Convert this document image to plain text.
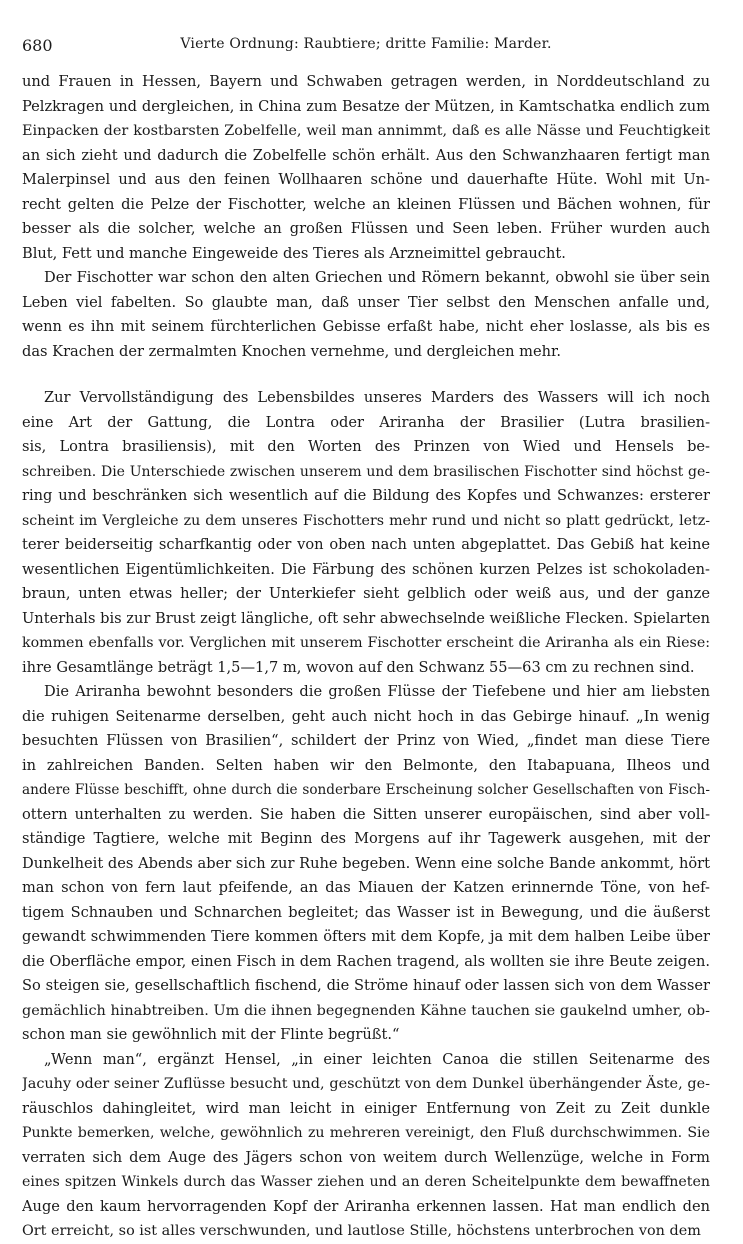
680	Vierte Ordnung: Raubtiere; dritte Familie: Marder.
und Frauen in Hessen, Bayern und Schwaben getragen werden, in Norddeutschland zu
Pelzkragen und dergleichen, in China zum Besatze der Mützen, in Kamtschatka endlich zum
Einpacken der kostbarsten Zobelfelle, weil man annimmt, daß es alle Nässe und Feuchtigkeit
an sich zieht und dadurch die Zobelfelle schön erhält. Aus den Schwanzhaaren fertigt man
Malerpinsel und aus den feinen Wollhaaren schöne und dauerhafte Hüte. Wohl mit Un-
recht gelten die Pelze der Fischotter, welche an kleinen Flüssen und Bächen wohnen, für
besser als die solcher, welche an großen Flüssen und Seen leben. Früher wurden auch
Blut, Fett und manche Eingeweide des Tieres als Arzneimittel gebraucht.
Der Fischotter war schon den alten Griechen und Römern bekannt, obwohl sie über sein
Leben viel fabelten. So glaubte man, daß unser Tier selbst den Menschen anfalle und,
wenn es ihn mit seinem fürchterlichen Gebisse erfaßt habe, nicht eher loslasse, als bis es
das Krachen der zermalmten Knochen vernehme, und dergleichen mehr.
Zur Vervollständigung des Lebensbildes unseres Marders des Wassers will ich noch
eine Art der Gattung, die Lontra oder Ariranha der Brasilier (Lutra brasilien-
sis, Lontra brasiliensis), mit den Worten des Prinzen von Wied und Hensels be-
schreiben. Die Unterschiede zwischen unserem und dem brasilischen Fischotter sind höchst ge-
ring und beschränken sich wesentlich auf die Bildung des Kopfes und Schwanzes: ersterer
scheint im Vergleiche zu dem unseres Fischotters mehr rund und nicht so platt gedrückt, letz-
terer beiderseitig scharfkantig oder von oben nach unten abgeplattet. Das Gebiß hat keine
wesentlichen Eigentümlichkeiten. Die Färbung des schönen kurzen Pelzes ist schokoladen-
braun, unten etwas heller; der Unterkiefer sieht gelblich oder weiß aus, und der ganze
Unterhals bis zur Brust zeigt längliche, oft sehr abwechselnde weißliche Flecken. Spielarten
kommen ebenfalls vor. Verglichen mit unserem Fischotter erscheint die Ariranha als ein Riese:
ihre Gesamtlänge beträgt 1,5—1,7 m, wovon auf den Schwanz 55—63 cm zu rechnen sind.
Die Ariranha bewohnt besonders die großen Flüsse der Tiefebene und hier am liebsten
die ruhigen Seitenarme derselben, geht auch nicht hoch in das Gebirge hinauf. „In wenig
besuchten Flüssen von Brasilien“, schildert der Prinz von Wied, „findet man diese Tiere
in zahlreichen Banden. Selten haben wir den Belmonte, den Itabapuana, Ilheos und
andere Flüsse beschifft, ohne durch die sonderbare Erscheinung solcher Gesellschaften von Fisch-
ottern unterhalten zu werden. Sie haben die Sitten unserer europäischen, sind aber voll-
ständige Tagtiere, welche mit Beginn des Morgens auf ihr Tagewerk ausgehen, mit der
Dunkelheit des Abends aber sich zur Ruhe begeben. Wenn eine solche Bande ankommt, hört
man schon von fern laut pfeifende, an das Miauen der Katzen erinnernde Töne, von hef-
tigem Schnauben und Schnarchen begleitet; das Wasser ist in Bewegung, und die äußerst
gewandt schwimmenden Tiere kommen öfters mit dem Kopfe, ja mit dem halben Leibe über
die Oberfläche empor, einen Fisch in dem Rachen tragend, als wollten sie ihre Beute zeigen.
So steigen sie, gesellschaftlich fischend, die Ströme hinauf oder lassen sich von dem Wasser
gemächlich hinabtreiben. Um die ihnen begegnenden Kähne tauchen sie gaukelnd umher, ob-
schon man sie gewöhnlich mit der Flinte begrüßt.“
„Wenn man“, ergänzt Hensel, „in einer leichten Canoa die stillen Seitenarme des
Jacuhy oder seiner Zuflüsse besucht und, geschützt von dem Dunkel überhängender Äste, ge-
räuschlos dahingleitet, wird man leicht in einiger Entfernung von Zeit zu Zeit dunkle
Punkte bemerken, welche, gewöhnlich zu mehreren vereinigt, den Fluß durchschwimmen. Sie
verraten sich dem Auge des Jägers schon von weitem durch Wellenzüge, welche in Form
eines spitzen Winkels durch das Wasser ziehen und an deren Scheitelpunkte dem bewaffneten
Auge den kaum hervorragenden Kopf der Ariranha erkennen lassen. Hat man endlich den
Ort erreicht, so ist alles verschwunden, und lautlose Stille, höchstens unterbrochen von dem
